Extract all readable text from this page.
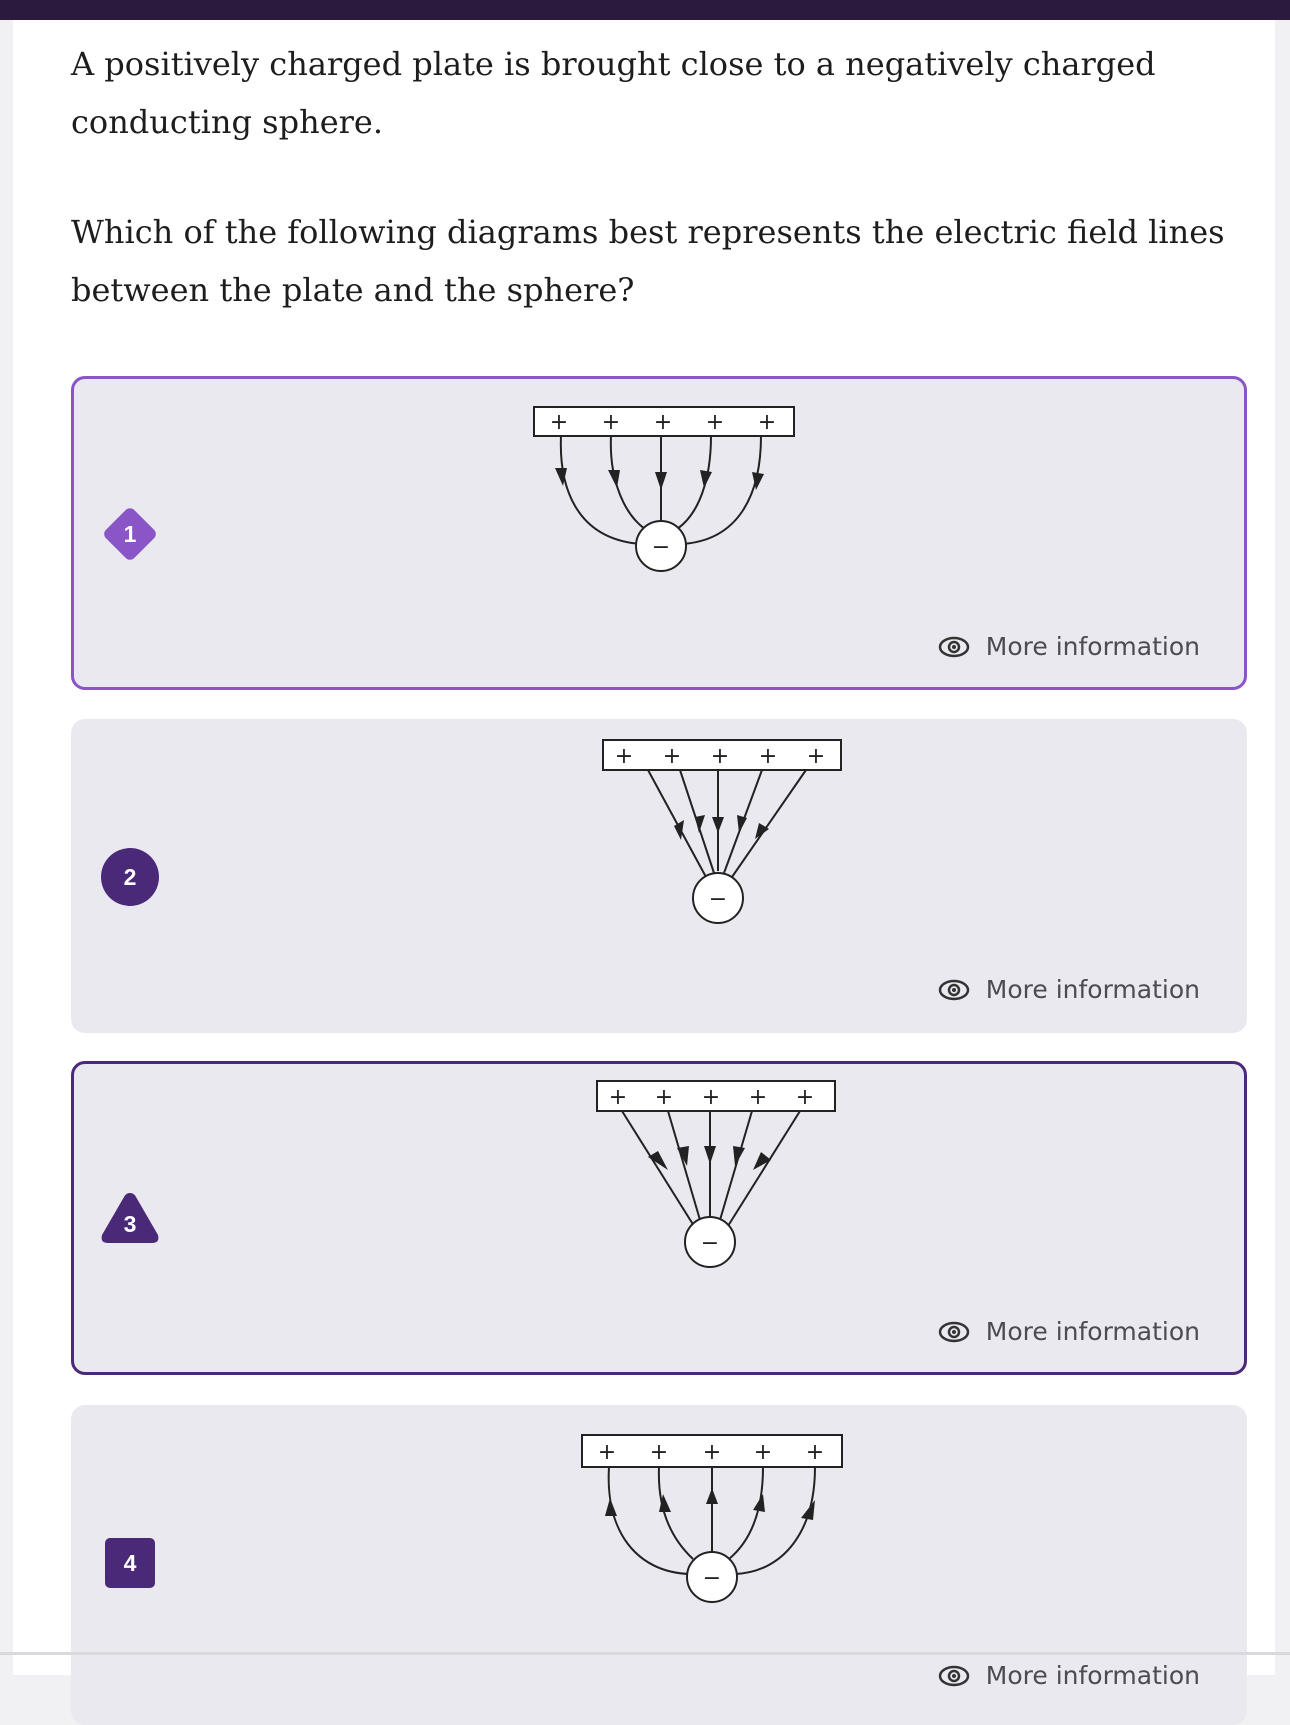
A positively charged plate is brought close to a negatively charged conducting sphere.
Which of the following diagrams best represents the electric field lines between the plate and the sphere?
1
+ + + + +
−
More information
2
+ + + + +
−
More information
3
+ + + + +
−
More information
4
+ + + + +
−
More information
